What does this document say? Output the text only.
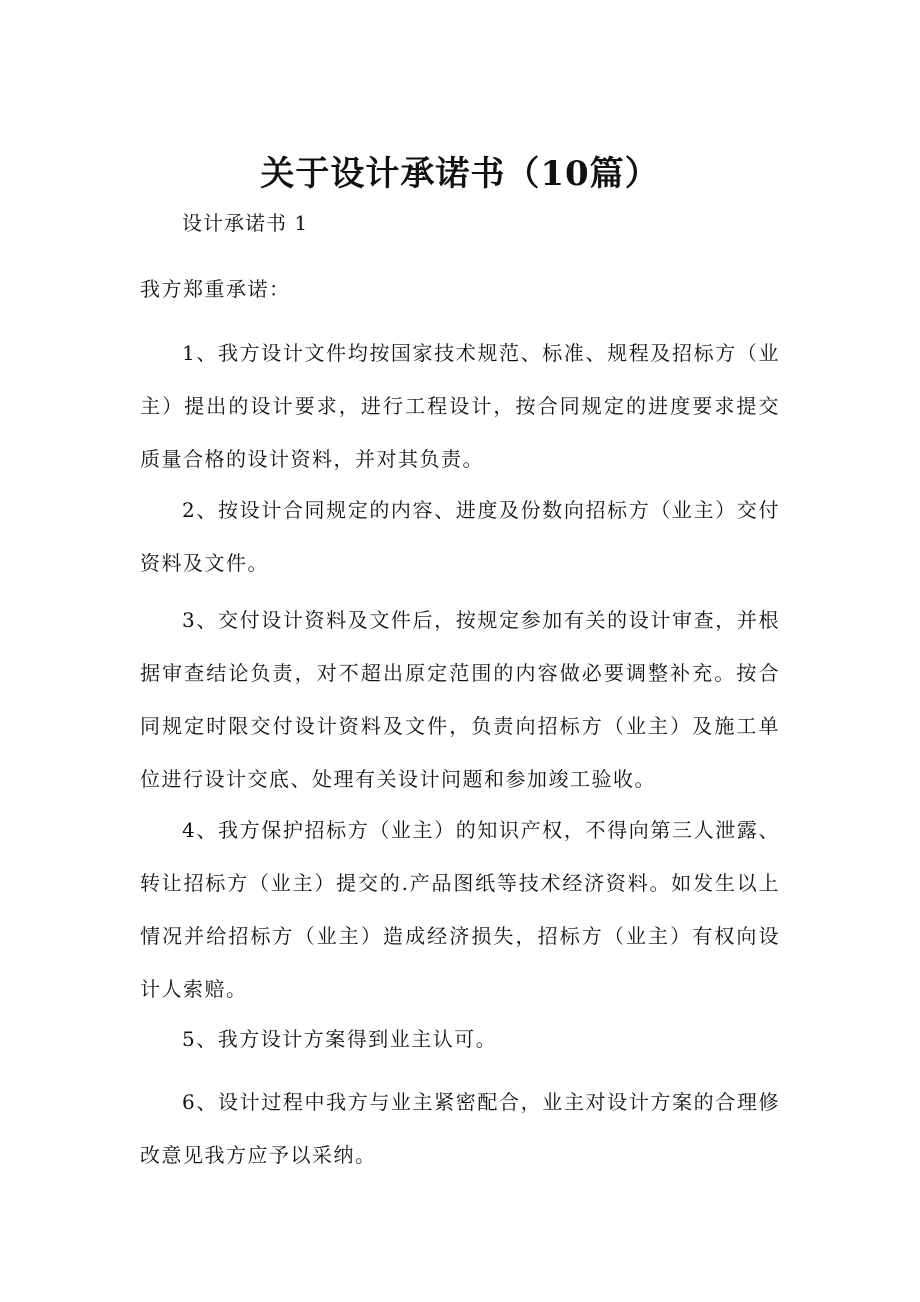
关于设计承诺书（10篇）

设计承诺书 1

我方郑重承诺：

1、我方设计文件均按国家技术规范、标准、规程及招标方（业主）提出的设计要求，进行工程设计，按合同规定的进度要求提交质量合格的设计资料，并对其负责。

2、按设计合同规定的内容、进度及份数向招标方（业主）交付资料及文件。

3、交付设计资料及文件后，按规定参加有关的设计审查，并根据审查结论负责，对不超出原定范围的内容做必要调整补充。按合同规定时限交付设计资料及文件，负责向招标方（业主）及施工单位进行设计交底、处理有关设计问题和参加竣工验收。

4、我方保护招标方（业主）的知识产权，不得向第三人泄露、转让招标方（业主）提交的.产品图纸等技术经济资料。如发生以上情况并给招标方（业主）造成经济损失，招标方（业主）有权向设计人索赔。

5、我方设计方案得到业主认可。

6、设计过程中我方与业主紧密配合，业主对设计方案的合理修改意见我方应予以采纳。
